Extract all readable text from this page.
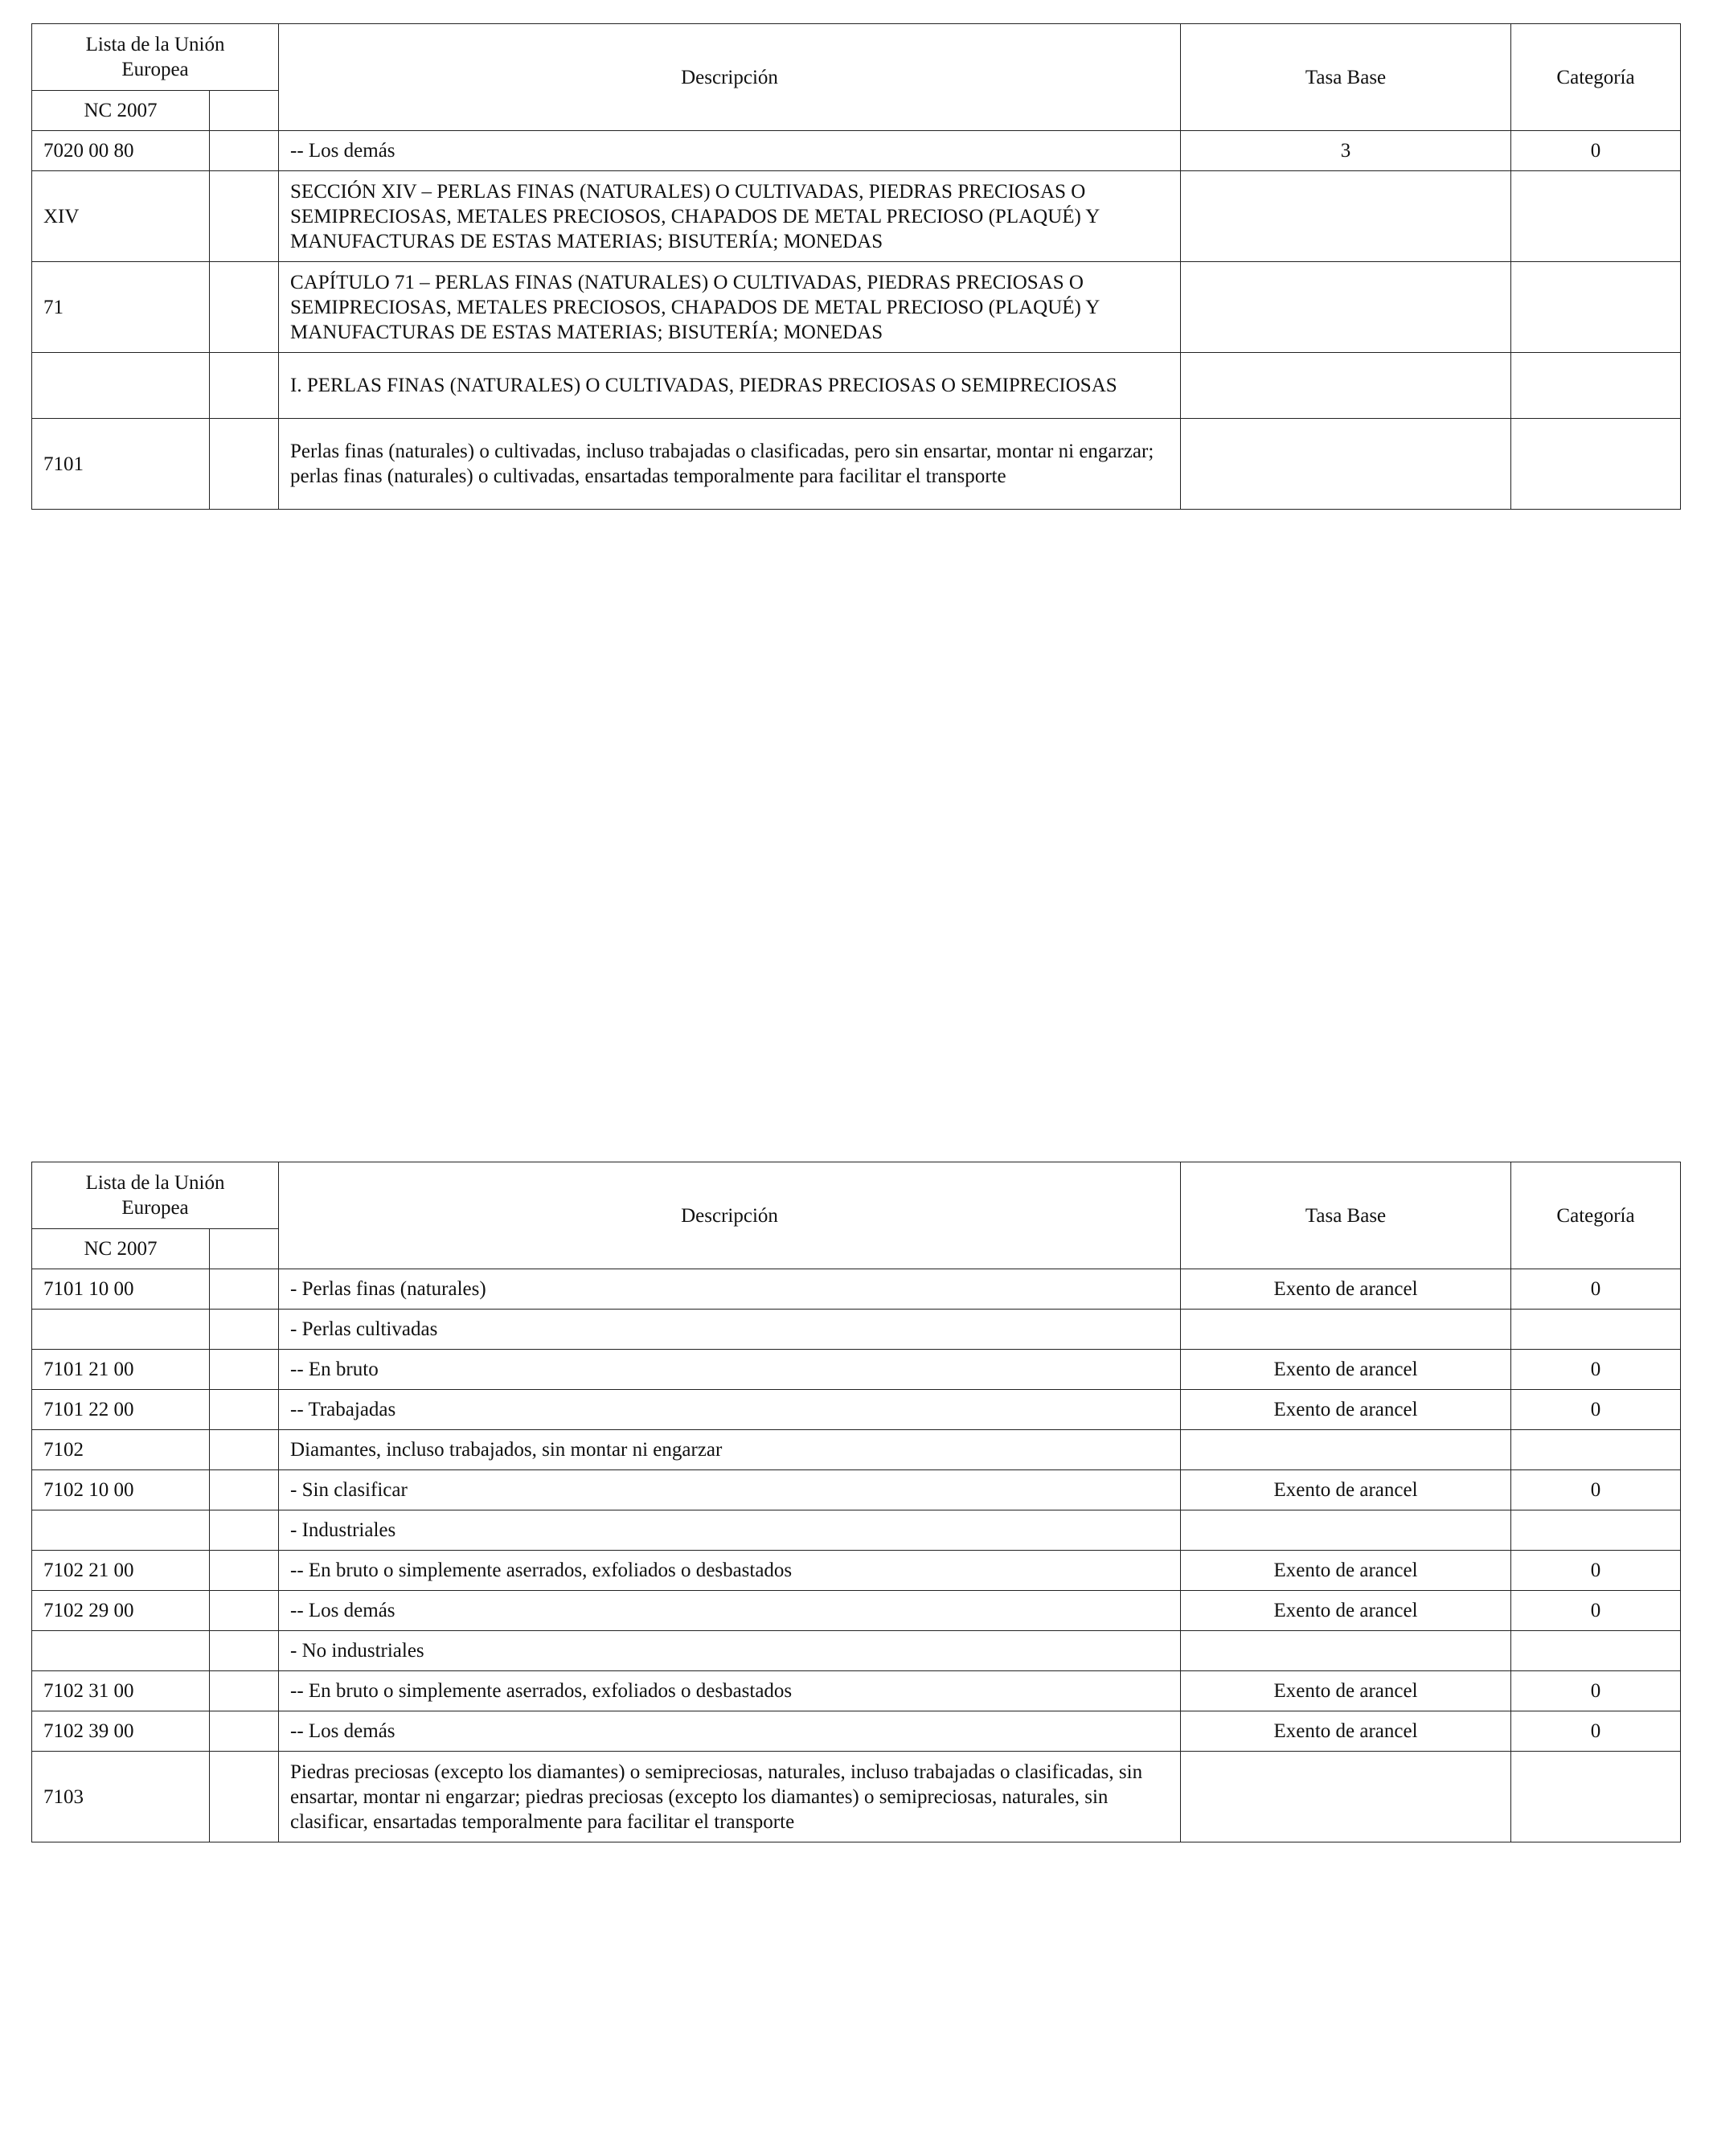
Lista de la Unión
Europea		Descripción	Tasa Base	Categoría
NC 2007				
7020 00 80		-- Los demás	3	0
XIV		SECCIÓN XIV – PERLAS FINAS (NATURALES) O CULTIVADAS, PIEDRAS PRECIOSAS O SEMIPRECIOSAS, METALES PRECIOSOS, CHAPADOS DE METAL PRECIOSO (PLAQUÉ) Y MANUFACTURAS DE ESTAS MATERIAS; BISUTERÍA; MONEDAS		
71		CAPÍTULO 71 – PERLAS FINAS (NATURALES) O CULTIVADAS, PIEDRAS PRECIOSAS O SEMIPRECIOSAS, METALES PRECIOSOS, CHAPADOS DE METAL PRECIOSO (PLAQUÉ) Y MANUFACTURAS DE ESTAS MATERIAS; BISUTERÍA; MONEDAS		
		I. PERLAS FINAS (NATURALES) O CULTIVADAS, PIEDRAS PRECIOSAS O SEMIPRECIOSAS		
7101		Perlas finas (naturales) o cultivadas, incluso trabajadas o clasificadas, pero sin ensartar, montar ni engarzar; perlas finas (naturales) o cultivadas, ensartadas temporalmente para facilitar el transporte		
Lista de la Unión
Europea		Descripción	Tasa Base	Categoría
NC 2007				
7101 10 00		- Perlas finas (naturales)	Exento de arancel	0
		- Perlas cultivadas		
7101 21 00		-- En bruto	Exento de arancel	0
7101 22 00		-- Trabajadas	Exento de arancel	0
7102		Diamantes, incluso trabajados, sin montar ni engarzar		
7102 10 00		- Sin clasificar	Exento de arancel	0
		- Industriales		
7102 21 00		-- En bruto o simplemente aserrados, exfoliados o desbastados	Exento de arancel	0
7102 29 00		-- Los demás	Exento de arancel	0
		- No industriales		
7102 31 00		-- En bruto o simplemente aserrados, exfoliados o desbastados	Exento de arancel	0
7102 39 00		-- Los demás	Exento de arancel	0
7103		Piedras preciosas (excepto los diamantes) o semipreciosas, naturales, incluso trabajadas o clasificadas, sin ensartar, montar ni engarzar; piedras preciosas (excepto los diamantes) o semipreciosas, naturales, sin clasificar, ensartadas temporalmente para facilitar el transporte		
